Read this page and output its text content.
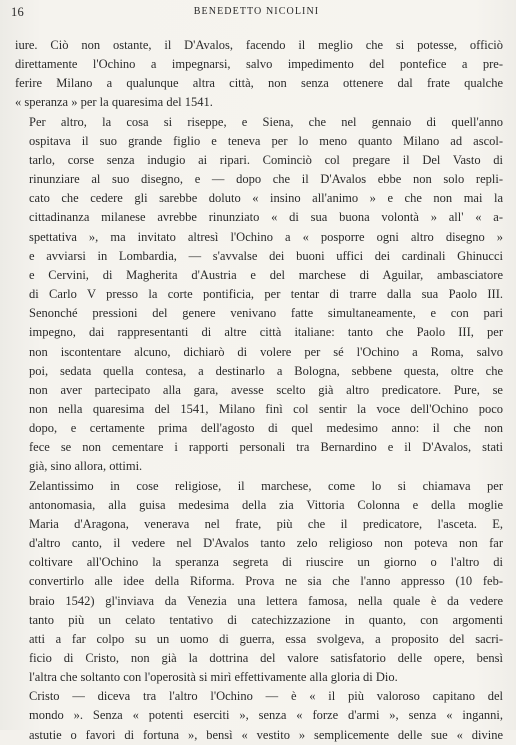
16	BENEDETTO NICOLINI
iure. Ciò non ostante, il D'Avalos, facendo il meglio che si potesse, officiò
direttamente l'Ochino a impegnarsi, salvo impedimento del pontefice a pre-
ferire Milano a qualunque altra città, non senza ottenere dal frate qualche
« speranza » per la quaresima del 1541.
Per altro, la cosa si riseppe, e Siena, che nel gennaio di quell'anno
ospitava il suo grande figlio e teneva per lo meno quanto Milano ad ascol-
tarlo, corse senza indugio ai ripari. Cominciò col pregare il Del Vasto di
rinunziare al suo disegno, e — dopo che il D'Avalos ebbe non solo repli-
cato che cedere gli sarebbe doluto « insino all'animo » e che non mai la
cittadinanza milanese avrebbe rinunziato « di sua buona volontà » all' « a-
spettativa », ma invitato altresì l'Ochino a « posporre ogni altro disegno »
e avviarsi in Lombardia, — s'avvalse dei buoni uffici dei cardinali Ghinucci
e Cervini, di Magherita d'Austria e del marchese di Aguilar, ambasciatore
di Carlo V presso la corte pontificia, per tentar di trarre dalla sua Paolo III.
Senonché pressioni del genere venivano fatte simultaneamente, e con pari
impegno, dai rappresentanti di altre città italiane: tanto che Paolo III, per
non iscontentare alcuno, dichiarò di volere per sé l'Ochino a Roma, salvo
poi, sedata quella contesa, a destinarlo a Bologna, sebbene questa, oltre che
non aver partecipato alla gara, avesse scelto già altro predicatore. Pure, se
non nella quaresima del 1541, Milano finì col sentir la voce dell'Ochino poco
dopo, e certamente prima dell'agosto di quel medesimo anno: il che non
fece se non cementare i rapporti personali tra Bernardino e il D'Avalos, stati
già, sino allora, ottimi.
Zelantissimo in cose religiose, il marchese, come lo si chiamava per
antonomasia, alla guisa medesima della zia Vittoria Colonna e della moglie
Maria d'Aragona, venerava nel frate, più che il predicatore, l'asceta. E,
d'altro canto, il vedere nel D'Avalos tanto zelo religioso non poteva non far
coltivare all'Ochino la speranza segreta di riuscire un giorno o l'altro di
convertirlo alle idee della Riforma. Prova ne sia che l'anno appresso (10 feb-
braio 1542) gl'inviava da Venezia una lettera famosa, nella quale è da vedere
tanto più un celato tentativo di catechizzazione in quanto, con argomenti
atti a far colpo su un uomo di guerra, essa svolgeva, a proposito del sacri-
ficio di Cristo, non già la dottrina del valore satisfatorio delle opere, bensì
l'altra che soltanto con l'operosità si mirì effettivamente alla gloria di Dio.
Cristo — diceva tra l'altro l'Ochino — è « il più valoroso capitano del
mondo ». Senza « potenti eserciti », senza « forze d'armi », senza « inganni,
astutie o favori di fortuna », bensì « vestito » semplicemente delle sue « divine
